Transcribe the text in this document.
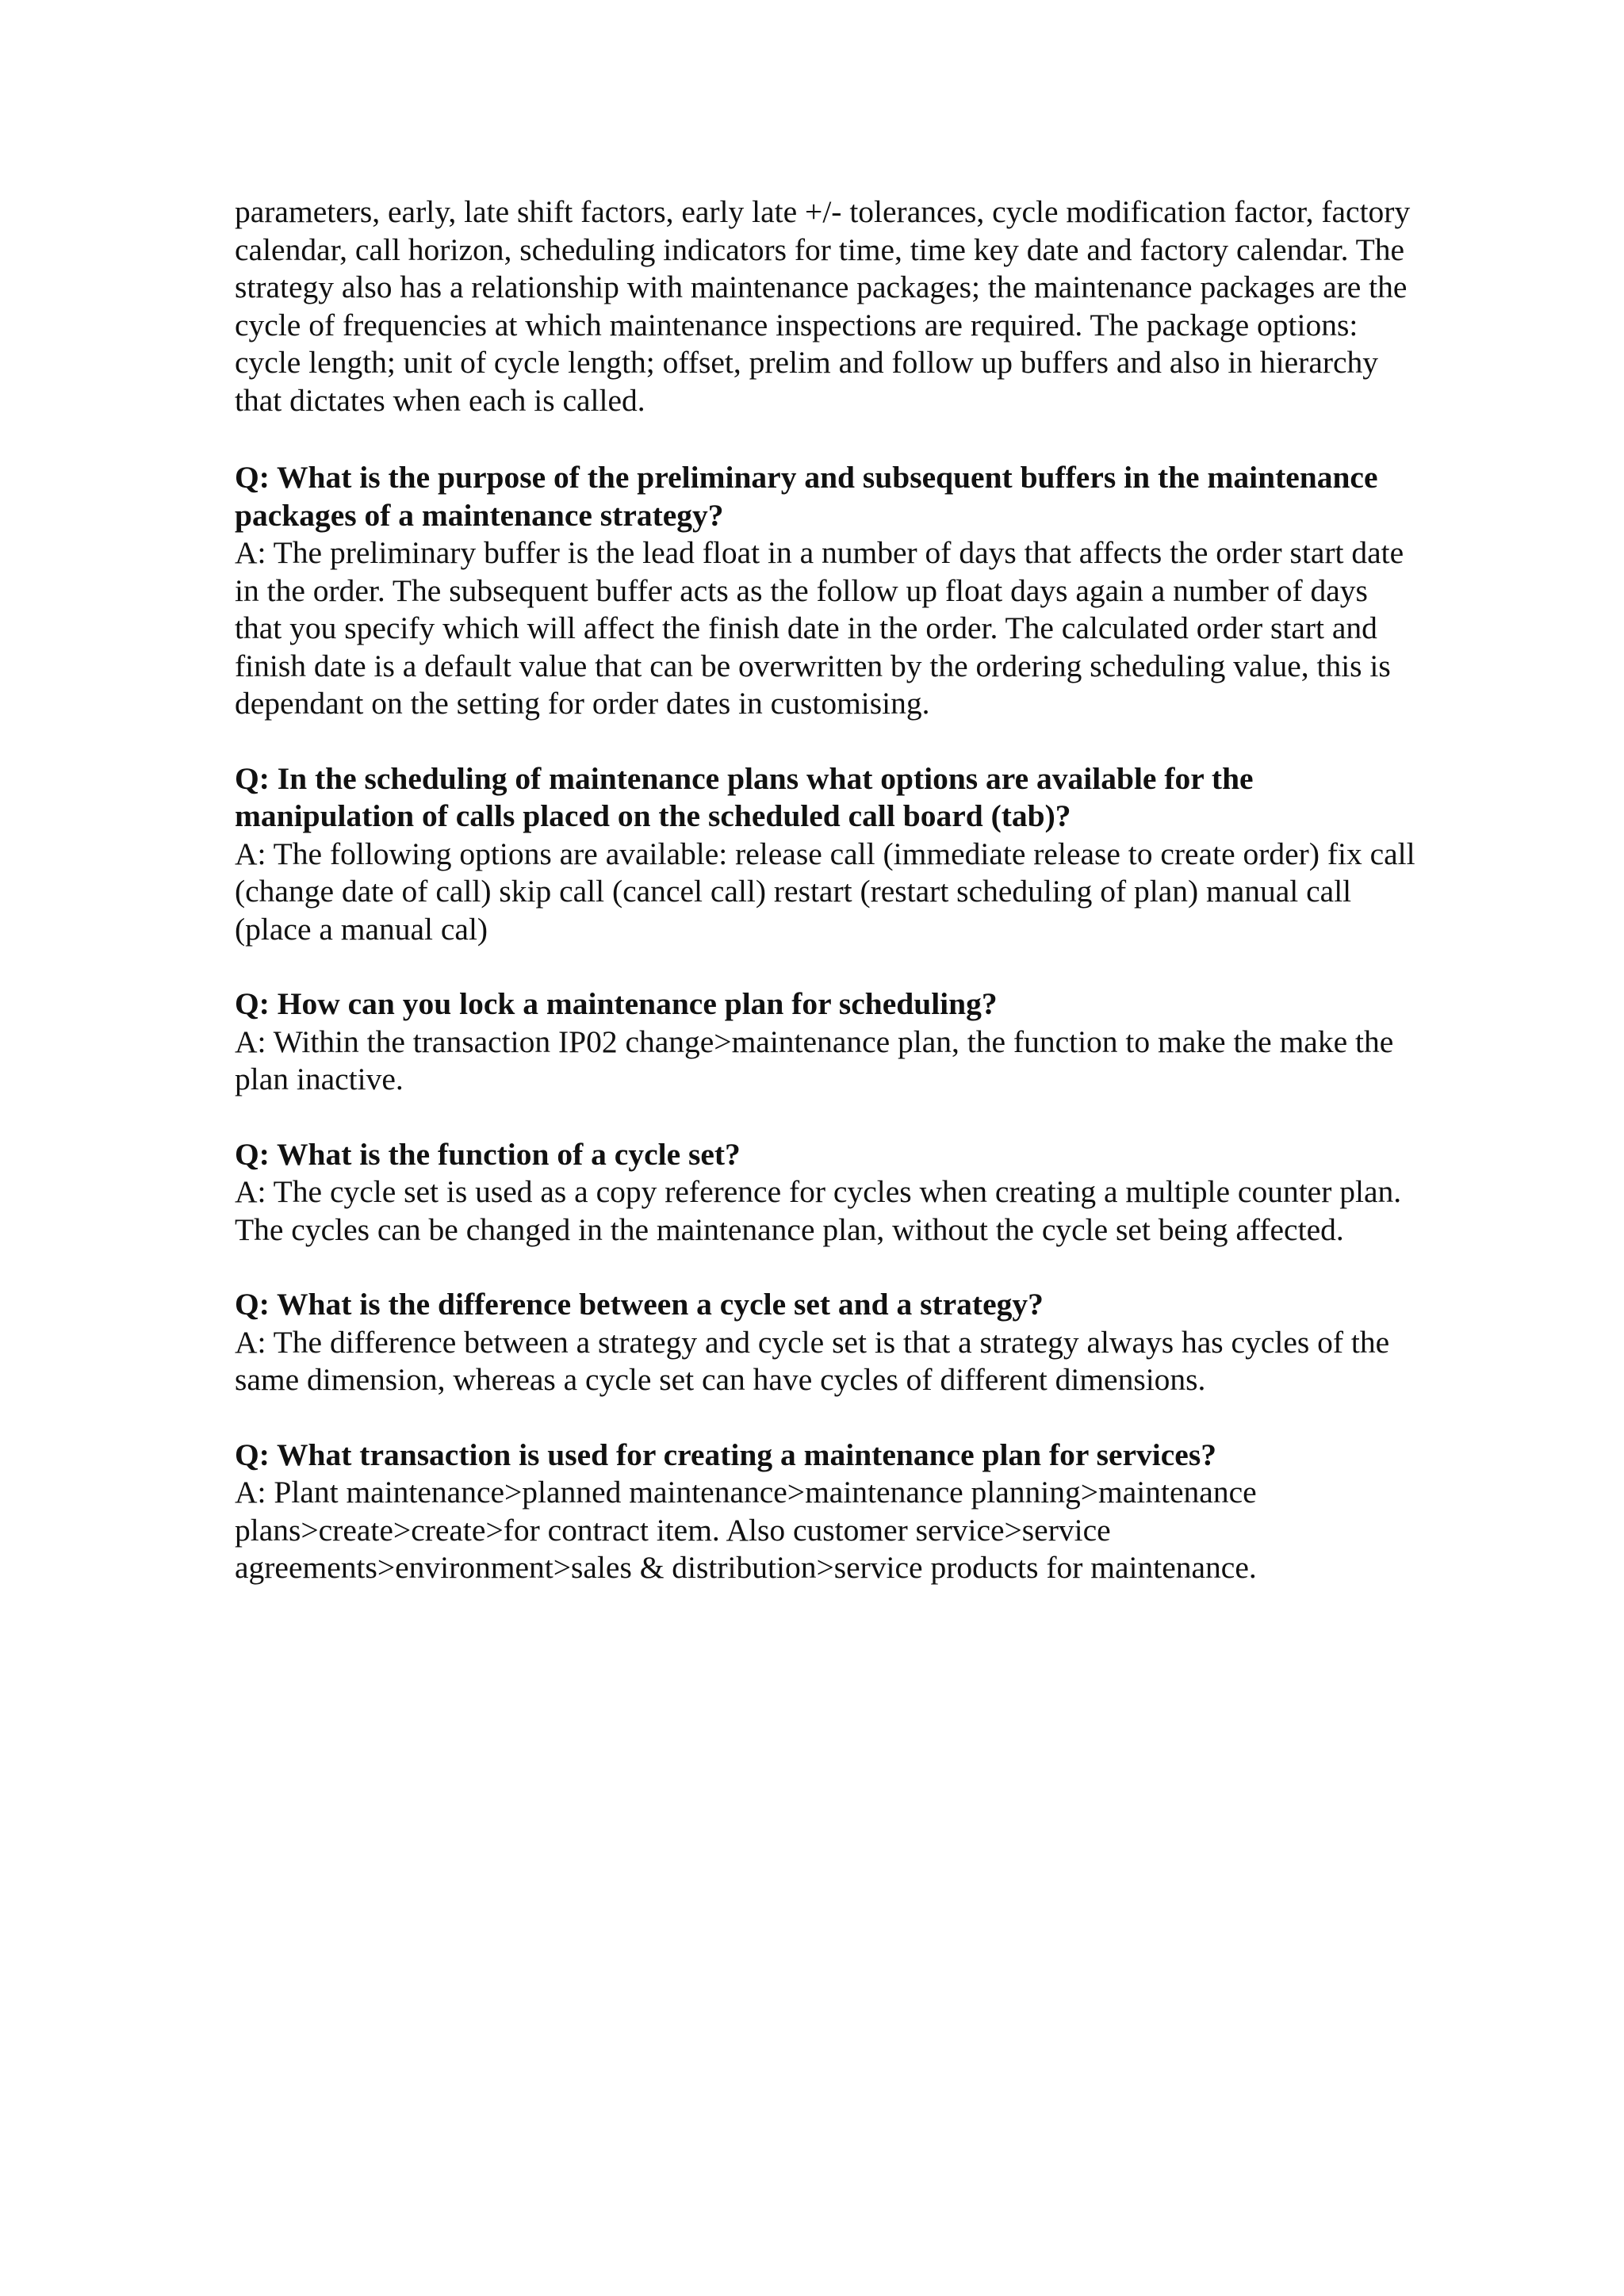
parameters, early, late shift factors, early late +/- tolerances, cycle modification factor, factory calendar, call horizon, scheduling indicators for time, time key date and factory calendar. The strategy also has a relationship with maintenance packages; the maintenance packages are the cycle of frequencies at which maintenance inspections are required. The package options: cycle length; unit of cycle length; offset, prelim and follow up buffers and also in hierarchy that dictates when each is called.

Q: What is the purpose of the preliminary and subsequent buffers in the maintenance packages of a maintenance strategy?

A: The preliminary buffer is the lead float in a number of days that affects the order start date in the order. The subsequent buffer acts as the follow up float days again a number of days that you specify which will affect the finish date in the order. The calculated order start and finish date is a default value that can be overwritten by the ordering scheduling value, this is dependant on the setting for order dates in customising.

Q: In the scheduling of maintenance plans what options are available for the manipulation of calls placed on the scheduled call board (tab)?

A: The following options are available: release call (immediate release to create order) fix call (change date of call) skip call (cancel call) restart (restart scheduling of plan) manual call (place a manual cal)

Q: How can you lock a maintenance plan for scheduling?

A: Within the transaction IP02 change>maintenance plan, the function to make the make the plan inactive.

Q: What is the function of a cycle set?

A: The cycle set is used as a copy reference for cycles when creating a multiple counter plan. The cycles can be changed in the maintenance plan, without the cycle set being affected.

Q: What is the difference between a cycle set and a strategy?

A: The difference between a strategy and cycle set is that a strategy always has cycles of the same dimension, whereas a cycle set can have cycles of different dimensions.

Q: What transaction is used for creating a maintenance plan for services?

A: Plant maintenance>planned maintenance>maintenance planning>maintenance plans>create>create>for contract item. Also customer service>service agreements>environment>sales & distribution>service products for maintenance.
